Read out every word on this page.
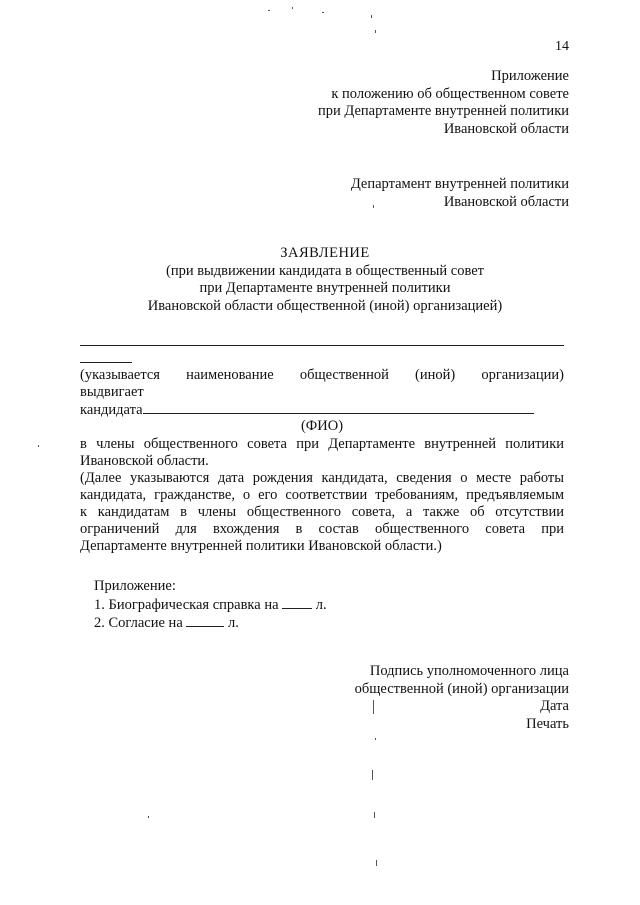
14
Приложение
к положению об общественном совете
при Департаменте внутренней политики
Ивановской области
Департамент внутренней политики
Ивановской области
ЗАЯВЛЕНИЕ
(при выдвижении кандидата в общественный совет
при Департаменте внутренней политики
Ивановской области общественной (иной) организацией)
(указывается наименование общественной (иной) организации)
выдвигает
кандидата
(ФИО)
в члены общественного совета при Департаменте внутренней политики
Ивановской области.
(Далее указываются дата рождения кандидата, сведения о месте работы
кандидата, гражданстве, о его соответствии требованиям, предъявляемым
к кандидатам в члены общественного совета, а также об отсутствии
ограничений для вхождения в состав общественного совета при
Департаменте внутренней политики Ивановской области.)
Приложение:
1. Биографическая справка на	л.
2. Согласие на	л.
Подпись уполномоченного лица
общественной (иной) организации
Дата
Печать
